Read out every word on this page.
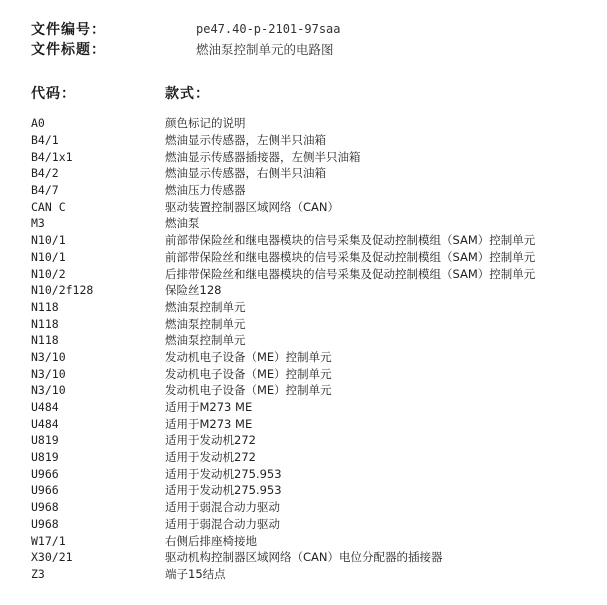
文件编号：	pe47.40-p-2101-97saa
文件标题：	燃油泵控制单元的电路图
代码：	款式：
A0	颜色标记的说明
B4/1	燃油显示传感器，左侧半只油箱
B4/1x1	燃油显示传感器插接器，左侧半只油箱
B4/2	燃油显示传感器，右侧半只油箱
B4/7	燃油压力传感器
CAN C	驱动装置控制器区域网络（CAN）
M3	燃油泵
N10/1	前部带保险丝和继电器模块的信号采集及促动控制模组（SAM）控制单元
N10/1	前部带保险丝和继电器模块的信号采集及促动控制模组（SAM）控制单元
N10/2	后排带保险丝和继电器模块的信号采集及促动控制模组（SAM）控制单元
N10/2f128	保险丝128
N118	燃油泵控制单元
N118	燃油泵控制单元
N118	燃油泵控制单元
N3/10	发动机电子设备（ME）控制单元
N3/10	发动机电子设备（ME）控制单元
N3/10	发动机电子设备（ME）控制单元
U484	适用于M273 ME
U484	适用于M273 ME
U819	适用于发动机272
U819	适用于发动机272
U966	适用于发动机275.953
U966	适用于发动机275.953
U968	适用于弱混合动力驱动
U968	适用于弱混合动力驱动
W17/1	右侧后排座椅接地
X30/21	驱动机构控制器区域网络（CAN）电位分配器的插接器
Z3	端子15结点
